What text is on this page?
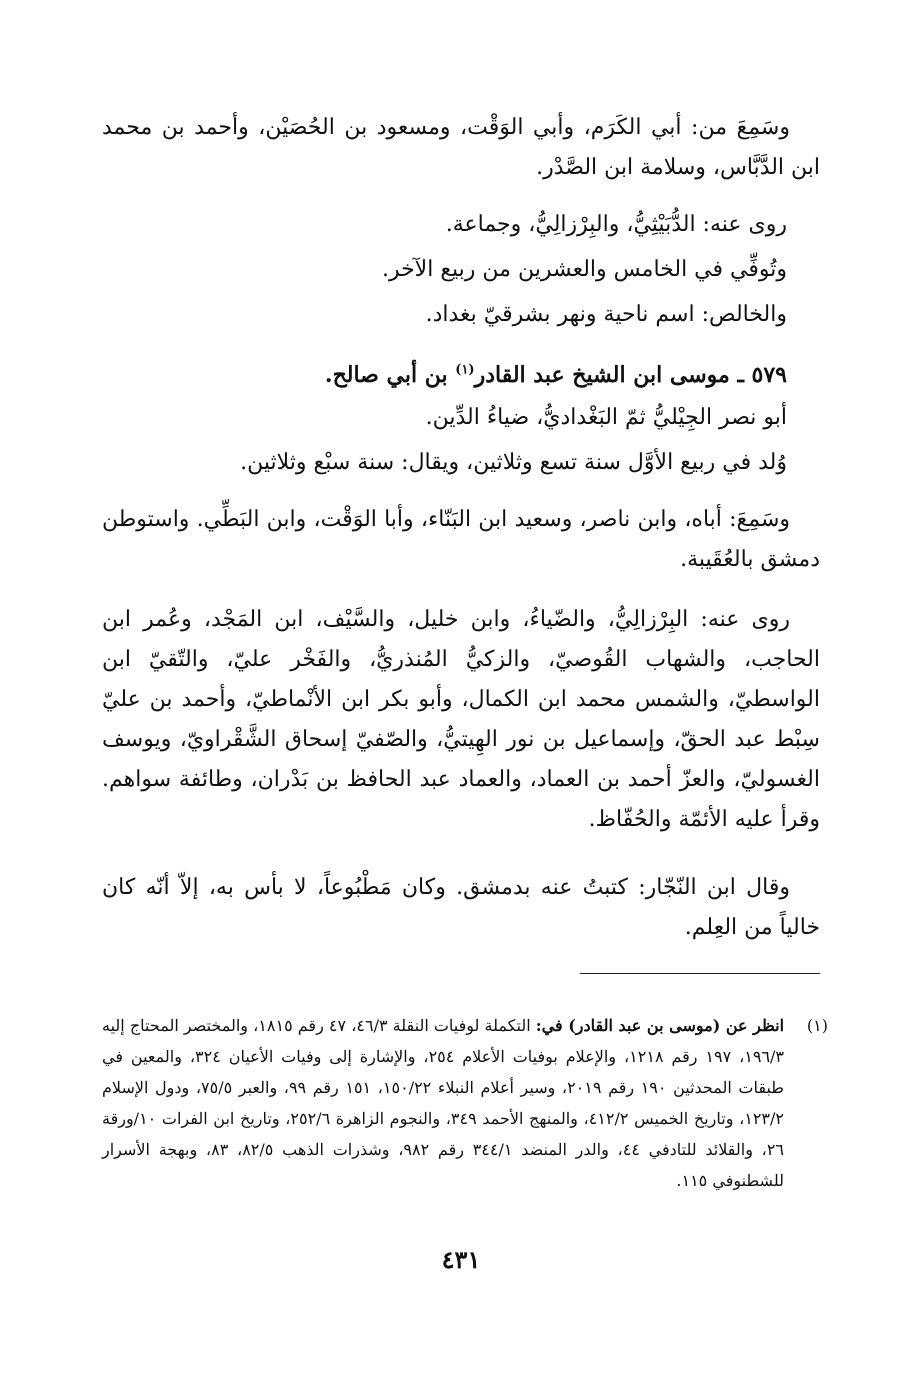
وسَمِعَ من: أبي الكَرَم، وأبي الوَقْت، ومسعود بن الحُصَيْن، وأحمد بن محمد ابن الدَّبَّاس، وسلامة ابن الصَّدْر.

روى عنه: الدُّبَيْثِيُّ، والبِرْزالِيُّ، وجماعة.

وتُوفِّي في الخامس والعشرين من ربيع الآخر.

والخالص: اسم ناحية ونهر بشرقيّ بغداد.

٥٧٩ ـ موسى ابن الشيخ عبد القادر$^{(١)}$ بن أبي صالح.

أبو نصر الجِيْليُّ ثمّ البَغْداديُّ، ضياءُ الدِّين.

وُلد في ربيع الأوَّل سنة تسع وثلاثين، ويقال: سنة سبْع وثلاثين.

وسَمِعَ: أباه، وابن ناصر، وسعيد ابن البَنّاء، وأبا الوَقْت، وابن البَطِّي. واستوطن دمشق بالعُقَيبة.

روى عنه: البِرْزالِيُّ، والضّياءُ، وابن خليل، والسَّيْف، ابن المَجْد، وعُمر ابن الحاجب، والشهاب القُوصيّ، والزكيُّ المُنذريُّ، والفَخْر عليّ، والتّقيّ ابن الواسطيّ، والشمس محمد ابن الكمال، وأبو بكر ابن الأنْماطيّ، وأحمد بن عليّ سِبْط عبد الحقّ، وإسماعيل بن نور الهِيتيُّ، والصّفيّ إسحاق الشَّقْراويّ، ويوسف الغسوليّ، والعزّ أحمد بن العماد، والعماد عبد الحافظ بن بَدْران، وطائفة سواهم. وقرأ عليه الأئمّة والحُفّاظ.

وقال ابن النّجّار: كتبتُ عنه بدمشق. وكان مَطْبُوعاً، لا بأس به، إلاّ أنّه كان خالياً من العِلم.

(١)
انظر عن (موسى بن عبد القادر) في: التكملة لوفيات النقلة ٤٦/٣، ٤٧ رقم ١٨١٥، والمختصر المحتاج إليه ١٩٦/٣، ١٩٧ رقم ١٢١٨، والإعلام بوفيات الأعلام ٢٥٤، والإشارة إلى وفيات الأعيان ٣٢٤، والمعين في طبقات المحدثين ١٩٠ رقم ٢٠١٩، وسير أعلام النبلاء ١٥٠/٢٢، ١٥١ رقم ٩٩، والعبر ٧٥/٥، ودول الإسلام ١٢٣/٢، وتاريخ الخميس ٤١٢/٢، والمنهج الأحمد ٣٤٩، والنجوم الزاهرة ٢٥٢/٦، وتاريخ ابن الفرات ١٠/ورقة ٢٦، والقلائد للتادفي ٤٤، والدر المنضد ٣٤٤/١ رقم ٩٨٢، وشذرات الذهب ٨٢/٥، ٨٣، وبهجة الأسرار للشطنوفي ١١٥.
٤٣١
